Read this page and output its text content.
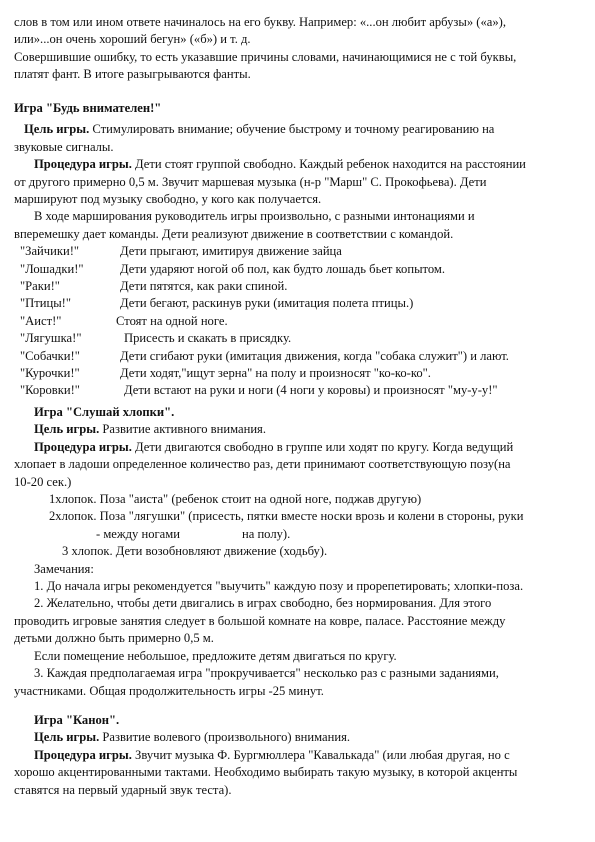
слов в том или ином ответе начиналось на его букву. Например: «...он любит арбузы» («а»),
или»...он очень хороший бегун» («б») и т. д.
Совершившие ошибку, то есть указавшие причины словами, начинающимися не с той буквы,
платят фант. В итоге разыгрываются фанты.
Игра "Будь внимателен!"
Цель игры. Стимулировать внимание; обучение быстрому и точному реагированию на
звуковые сигналы.
Процедура игры. Дети стоят группой свободно. Каждый ребенок находится на расстоянии
от другого примерно 0,5 м. Звучит маршевая музыка (н-р "Марш" С. Прокофьева). Дети
маршируют под музыку свободно, у кого как получается.
В ходе марширования руководитель игры произвольно, с разными интонациями и
вперемешку дает команды. Дети реализуют движение в соответствии с командой.
"Зайчики!"	Дети прыгают, имитируя движение зайца
"Лошадки!"	Дети ударяют ногой об пол, как будто лошадь бьет копытом.
"Раки!"	Дети пятятся, как раки спиной.
"Птицы!"	Дети бегают, раскинув руки (имитация полета птицы.)
"Аист!"	Стоят на одной ноге.
"Лягушка!"	Присесть и скакать в присядку.
"Собачки!"	Дети сгибают руки (имитация движения, когда "собака служит") и лают.
"Курочки!"	Дети ходят,"ищут зерна" на полу и произносят "ко-ко-ко".
"Коровки!"	Дети встают на руки и ноги (4 ноги у коровы) и произносят "му-у-у!"
Игра "Слушай хлопки".
Цель игры. Развитие активного внимания.
Процедура игры. Дети двигаются свободно в группе или ходят по кругу. Когда ведущий
хлопает в ладоши определенное количество раз, дети принимают соответствующую позу(на
10-20 сек.)
1хлопок. Поза "аиста" (ребенок стоит на одной ноге, поджав другую)
2хлопок. Поза "лягушки" (присесть, пятки вместе носки врозь и колени в стороны, руки
- между ногами	на полу).
3 хлопок. Дети возобновляют движение (ходьбу).
Замечания:
1. До начала игры рекомендуется "выучить" каждую позу и прорепетировать; хлопки-поза.
2. Желательно, чтобы дети двигались в играх свободно, без нормирования. Для этого
проводить игровые занятия следует в большой комнате на ковре, паласе. Расстояние между
детьми должно быть примерно 0,5 м.
Если помещение небольшое, предложите детям двигаться по кругу.
3. Каждая предполагаемая игра "прокручивается" несколько раз с разными заданиями,
участниками. Общая продолжительность игры -25 минут.
Игра "Канон".
Цель игры. Развитие волевого (произвольного) внимания.
Процедура игры. Звучит музыка Ф. Бургмюллера "Кавалькада" (или любая другая, но с
хорошо акцентированными тактами. Необходимо выбирать такую музыку, в которой акценты
ставятся на первый ударный звук теста).
